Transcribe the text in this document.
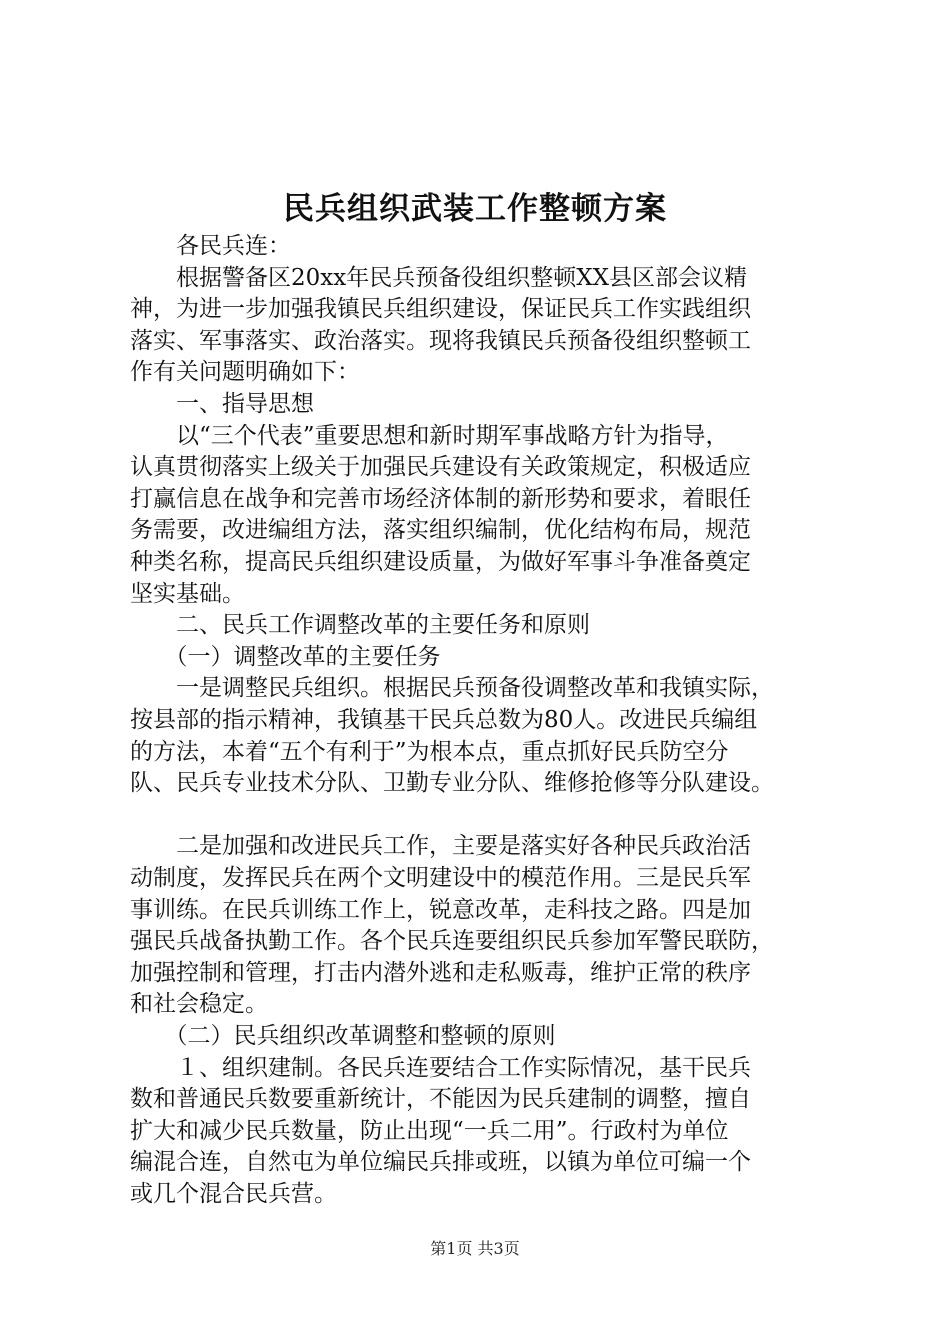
民兵组织武装工作整顿方案
　　各民兵连：
　　根据警备区20xx年民兵预备役组织整顿XX县区部会议精
神，为进一步加强我镇民兵组织建设，保证民兵工作实践组织
落实、军事落实、政治落实。现将我镇民兵预备役组织整顿工
作有关问题明确如下：
　　一、指导思想
　　以“三个代表”重要思想和新时期军事战略方针为指导，
认真贯彻落实上级关于加强民兵建设有关政策规定，积极适应
打赢信息在战争和完善市场经济体制的新形势和要求，着眼任
务需要，改进编组方法，落实组织编制，优化结构布局，规范
种类名称，提高民兵组织建设质量，为做好军事斗争准备奠定
坚实基础。
　　二、民兵工作调整改革的主要任务和原则
　　（一）调整改革的主要任务
　　一是调整民兵组织。根据民兵预备役调整改革和我镇实际，
按县部的指示精神，我镇基干民兵总数为80人。改进民兵编组
的方法，本着“五个有利于”为根本点，重点抓好民兵防空分
队、民兵专业技术分队、卫勤专业分队、维修抢修等分队建设。
　　二是加强和改进民兵工作，主要是落实好各种民兵政治活
动制度，发挥民兵在两个文明建设中的模范作用。三是民兵军
事训练。在民兵训练工作上，锐意改革，走科技之路。四是加
强民兵战备执勤工作。各个民兵连要组织民兵参加军警民联防，
加强控制和管理，打击内潜外逃和走私贩毒，维护正常的秩序
和社会稳定。
　　（二）民兵组织改革调整和整顿的原则
　　１、组织建制。各民兵连要结合工作实际情况，基干民兵
数和普通民兵数要重新统计，不能因为民兵建制的调整，擅自
扩大和减少民兵数量，防止出现“一兵二用”。行政村为单位
编混合连，自然屯为单位编民兵排或班，以镇为单位可编一个
或几个混合民兵营。
第1页 共3页
